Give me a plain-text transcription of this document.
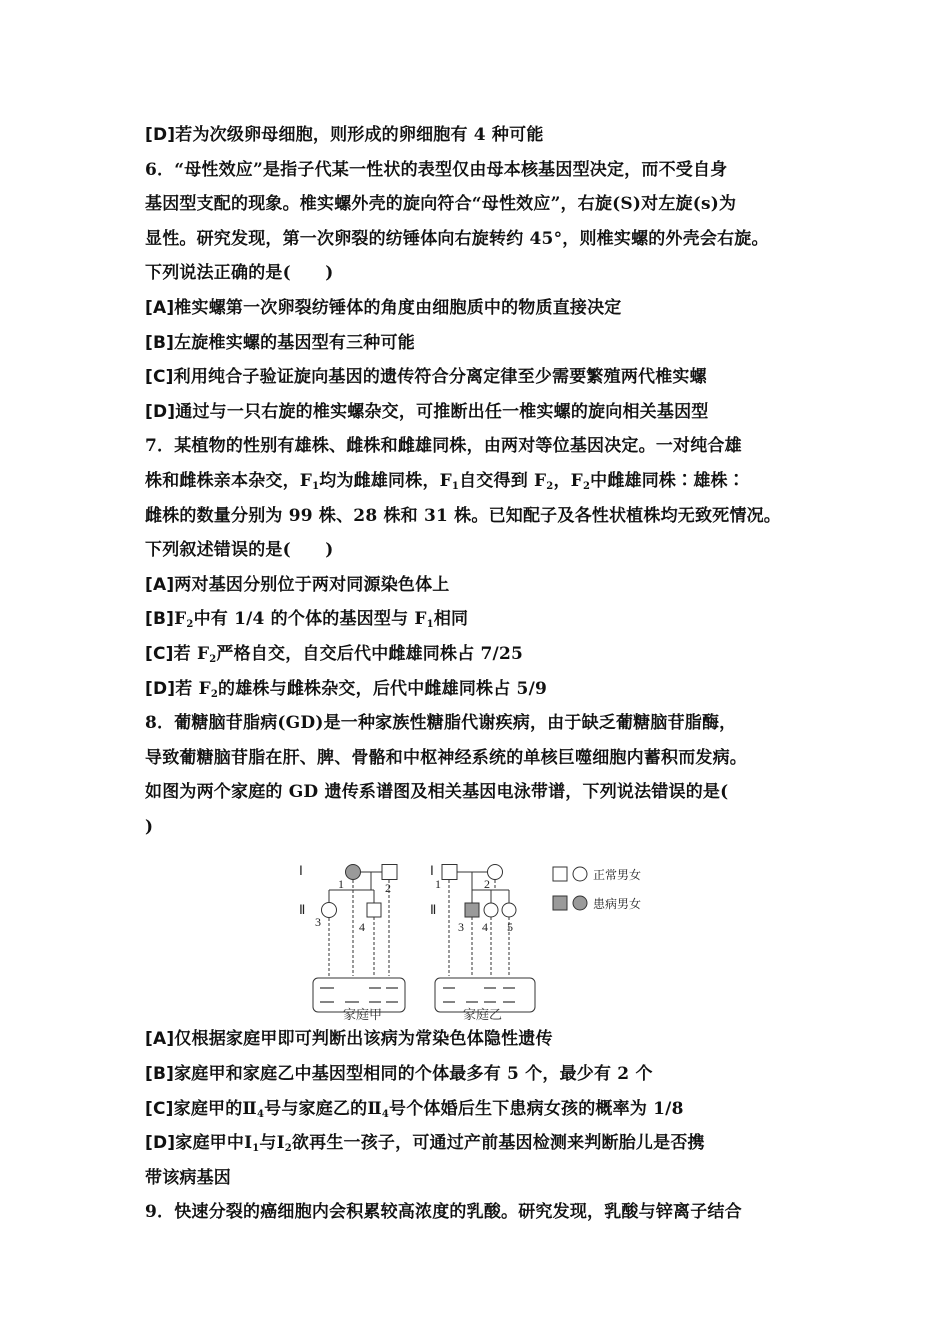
[D]若为次级卵母细胞，则形成的卵细胞有 4 种可能
6．“母性效应”是指子代某一性状的表型仅由母本核基因型决定，而不受自身
基因型支配的现象。椎实螺外壳的旋向符合“母性效应”，右旋(S)对左旋(s)为
显性。研究发现，第一次卵裂的纺锤体向右旋转约 45°，则椎实螺的外壳会右旋。
下列说法正确的是(　　)
[A]椎实螺第一次卵裂纺锤体的角度由细胞质中的物质直接决定
[B]左旋椎实螺的基因型有三种可能
[C]利用纯合子验证旋向基因的遗传符合分离定律至少需要繁殖两代椎实螺
[D]通过与一只右旋的椎实螺杂交，可推断出任一椎实螺的旋向相关基因型
7．某植物的性别有雄株、雌株和雌雄同株，由两对等位基因决定。一对纯合雄
株和雌株亲本杂交，$F_1$均为雌雄同株，$F_1$自交得到 $F_2$，$F_2$中雌雄同株∶雄株∶
雌株的数量分别为 99 株、28 株和 31 株。已知配子及各性状植株均无致死情况。
下列叙述错误的是(　　)
[A]两对基因分别位于两对同源染色体上
$[B]F_2$中有 1/4 的个体的基因型与 $F_1$相同
[C]若 $F_2$严格自交，自交后代中雌雄同株占 7/25
[D]若 $F_2$的雄株与雌株杂交，后代中雌雄同株占 5/9
8．葡糖脑苷脂病(GD)是一种家族性糖脂代谢疾病，由于缺乏葡糖脑苷脂酶，
导致葡糖脑苷脂在肝、脾、骨骼和中枢神经系统的单核巨噬细胞内蓄积而发病。
如图为两个家庭的 GD 遗传系谱图及相关基因电泳带谱，下列说法错误的是(
)
Ⅰ
Ⅱ
1	2
3	4
Ⅰ
Ⅱ
1	2
3 4 5
正常男女
患病男女
家庭甲	家庭乙
[A]仅根据家庭甲即可判断出该病为常染色体隐性遗传
[B]家庭甲和家庭乙中基因型相同的个体最多有 5 个，最少有 2 个
[C]家庭甲的$Ⅱ_4$号与家庭乙的$Ⅱ_4$号个体婚后生下患病女孩的概率为 1/8
[D]家庭甲中$Ⅰ_1$与$Ⅰ_2$欲再生一孩子，可通过产前基因检测来判断胎儿是否携
带该病基因
9．快速分裂的癌细胞内会积累较高浓度的乳酸。研究发现，乳酸与锌离子结合
